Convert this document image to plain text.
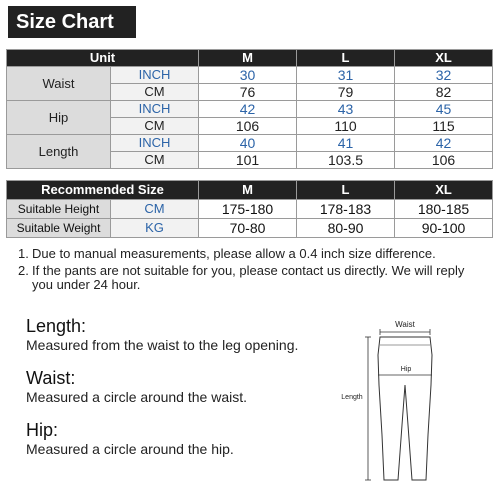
Size Chart
Unit		M	L	XL
Waist	INCH	30	31	32
	CM	76	79	82
Hip	INCH	42	43	45
	CM	106	110	115
Length	INCH	40	41	42
	CM	101	103.5	106
Recommended Size		M	L	XL
Suitable Height	CM	175-180	178-183	180-185
Suitable Weight	KG	70-80	80-90	90-100
1. Due to manual measurements, please allow a 0.4 inch size difference.
2. If the pants are not suitable for you, please contact us directly. We will reply you under 24 hour.
Length:
Measured from the waist to the leg opening.
Waist:
Measured a circle around the waist.
Hip:
Measured a circle around the hip.
Waist
Hip
Length
